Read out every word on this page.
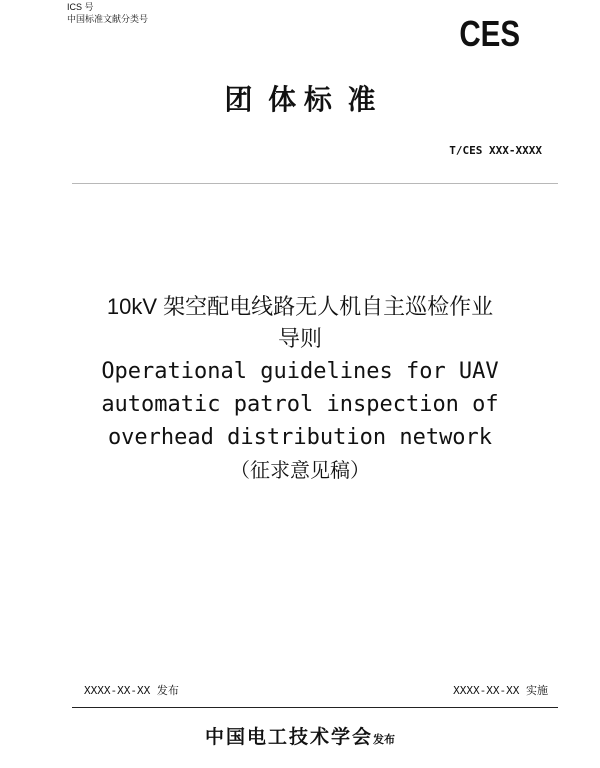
ICS 号
中国标准文献分类号	CES
团  体 标  准
T/CES XXX-XXXX
10kV 架空配电线路无人机自主巡检作业
导则
Operational guidelines for UAV
automatic patrol inspection of
overhead distribution network
（征求意见稿）
XXXX-XX-XX 发布	XXXX-XX-XX 实施
中国电工技术学会发布
